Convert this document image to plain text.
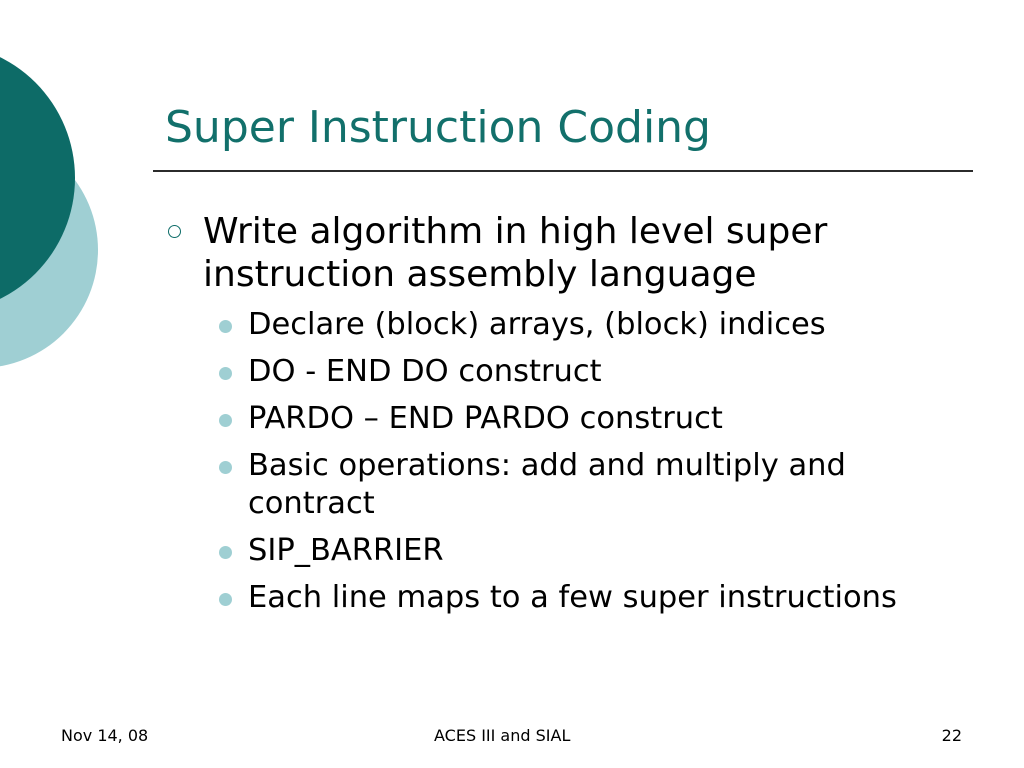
Super Instruction Coding
Write algorithm in high level super instruction assembly language
Declare (block) arrays, (block) indices
DO - END DO construct
PARDO – END PARDO construct
Basic operations: add and multiply and contract
SIP_BARRIER
Each line maps to a few super instructions
Nov 14, 08	ACES III and SIAL	22
